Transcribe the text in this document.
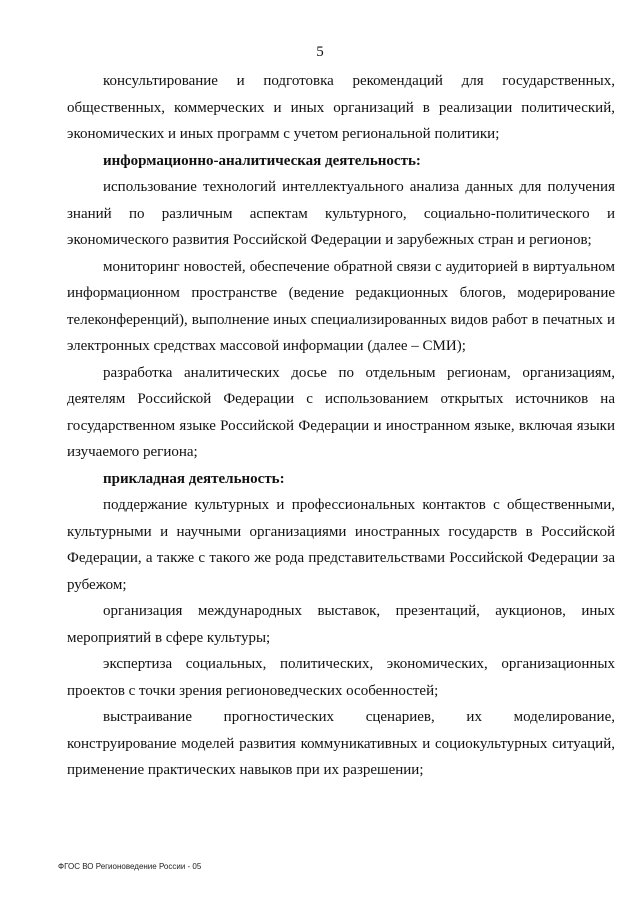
5

консультирование и подготовка рекомендаций для государственных, общественных, коммерческих и иных организаций в реализации политический, экономических и иных программ с учетом региональной политики;

информационно-аналитическая деятельность:

использование технологий интеллектуального анализа данных для получения знаний по различным аспектам культурного, социально-политического и экономического развития Российской Федерации и зарубежных стран и регионов;

мониторинг новостей, обеспечение обратной связи с аудиторией в виртуальном информационном пространстве (ведение редакционных блогов, модерирование телеконференций), выполнение иных специализированных видов работ в печатных и электронных средствах массовой информации (далее – СМИ);

разработка аналитических досье по отдельным регионам, организациям, деятелям Российской Федерации с использованием открытых источников на государственном языке Российской Федерации и иностранном языке, включая языки изучаемого региона;

прикладная деятельность:

поддержание культурных и профессиональных контактов с общественными, культурными и научными организациями иностранных государств в Российской Федерации, а также с такого же рода представительствами Российской Федерации за рубежом;

организация международных выставок, презентаций, аукционов, иных мероприятий в сфере культуры;

экспертиза социальных, политических, экономических, организационных проектов с точки зрения регионоведческих особенностей;

выстраивание прогностических сценариев, их моделирование, конструирование моделей развития коммуникативных и социокультурных ситуаций, применение практических навыков при их разрешении;

ФГОС ВО Регионоведение России - 05
